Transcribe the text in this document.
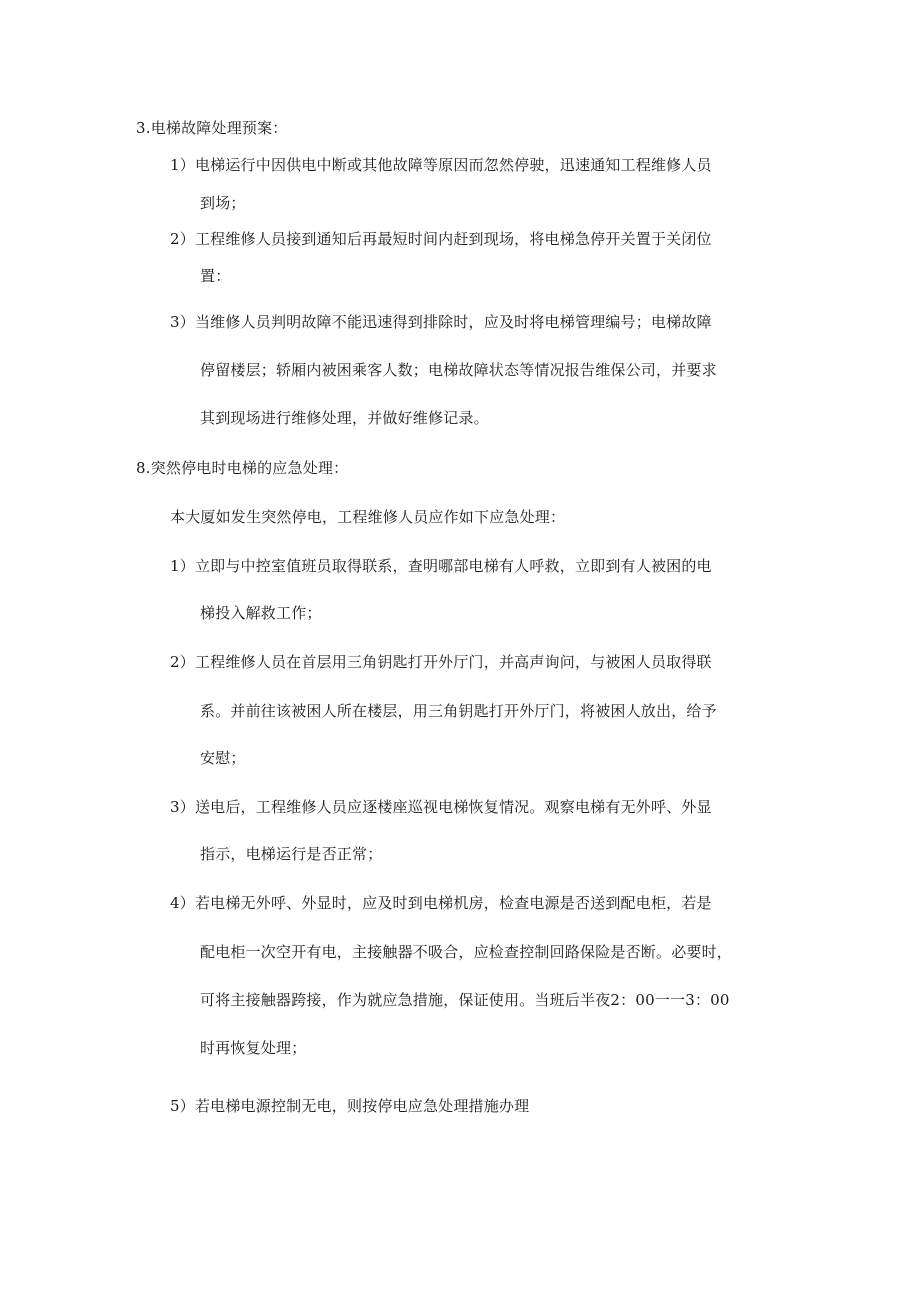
3.电梯故障处理预案：
1）电梯运行中因供电中断或其他故障等原因而忽然停驶，迅速通知工程维修人员
到场；
2）工程维修人员接到通知后再最短时间内赶到现场，将电梯急停开关置于关闭位
置：
3）当维修人员判明故障不能迅速得到排除时，应及时将电梯管理编号；电梯故障
停留楼层；轿厢内被困乘客人数；电梯故障状态等情况报告维保公司，并要求
其到现场进行维修处理，并做好维修记录。
8.突然停电时电梯的应急处理：
本大厦如发生突然停电，工程维修人员应作如下应急处理：
1）立即与中控室值班员取得联系，查明哪部电梯有人呼救，立即到有人被困的电
梯投入解救工作；
2）工程维修人员在首层用三角钥匙打开外厅门，并高声询问，与被困人员取得联
系。并前往该被困人所在楼层，用三角钥匙打开外厅门，将被困人放出，给予
安慰；
3）送电后，工程维修人员应逐楼座巡视电梯恢复情况。观察电梯有无外呼、外显
指示，电梯运行是否正常；
4）若电梯无外呼、外显时，应及时到电梯机房，检查电源是否送到配电柜，若是
配电柜一次空开有电，主接触器不吸合，应检查控制回路保险是否断。必要时，
可将主接触器跨接，作为就应急措施，保证使用。当班后半夜2：00一一3：00
时再恢复处理；
5）若电梯电源控制无电，则按停电应急处理措施办理
